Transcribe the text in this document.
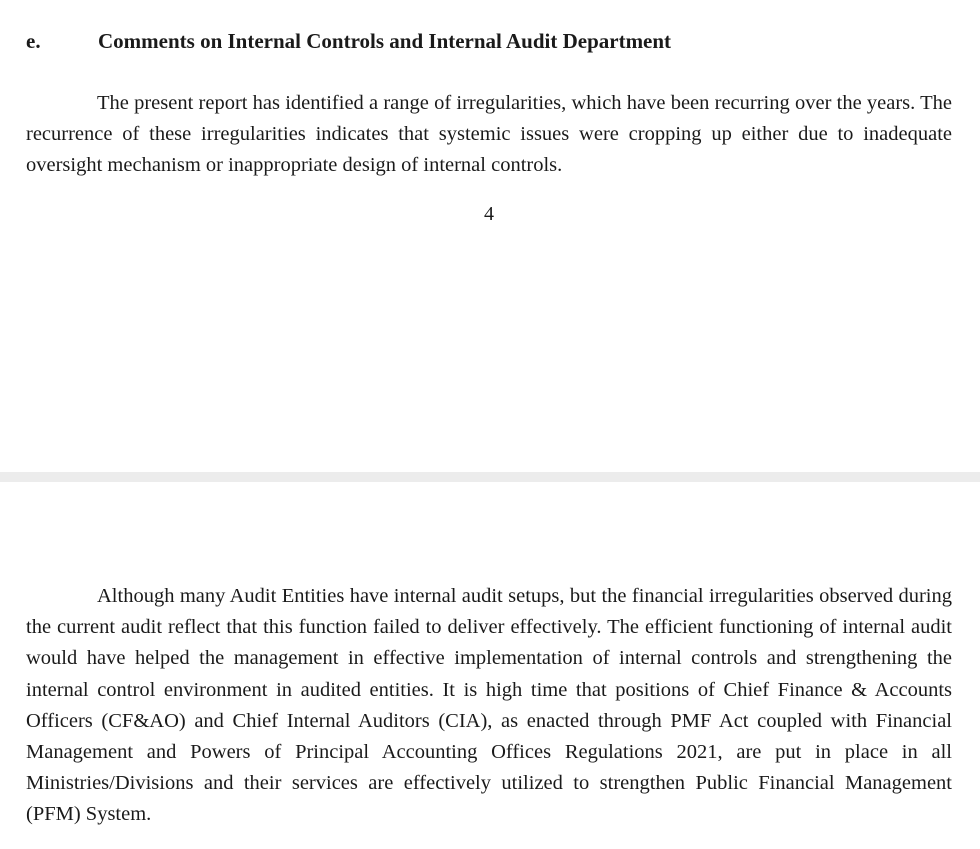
e.	Comments on Internal Controls and Internal Audit Department

The present report has identified a range of irregularities, which have been recurring over the years. The recurrence of these irregularities indicates that systemic issues were cropping up either due to inadequate oversight mechanism or inappropriate design of internal controls.

4

Although many Audit Entities have internal audit setups, but the financial irregularities observed during the current audit reflect that this function failed to deliver effectively. The efficient functioning of internal audit would have helped the management in effective implementation of internal controls and strengthening the internal control environment in audited entities. It is high time that positions of Chief Finance & Accounts Officers (CF&AO) and Chief Internal Auditors (CIA), as enacted through PMF Act coupled with Financial Management and Powers of Principal Accounting Offices Regulations 2021, are put in place in all Ministries/Divisions and their services are effectively utilized to strengthen Public Financial Management (PFM) System.
